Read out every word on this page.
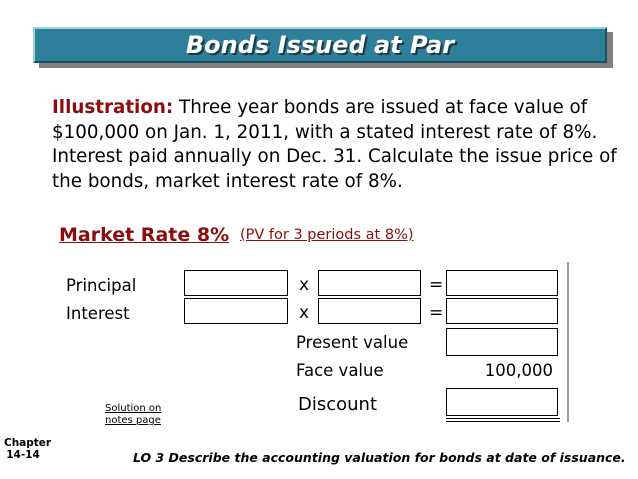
Bonds Issued at Par
Illustration: Three year bonds are issued at face value of $100,000 on Jan. 1, 2011, with a stated interest rate of 8%. Interest paid annually on Dec. 31. Calculate the issue price of the bonds, market interest rate of 8%.
Market Rate 8% (PV for 3 periods at 8%)
Principal	x	=
Interest	x	=
Present value
Face value	100,000
Discount
Solution on
notes page
Chapter
14-14	LO 3 Describe the accounting valuation for bonds at date of issuance.
